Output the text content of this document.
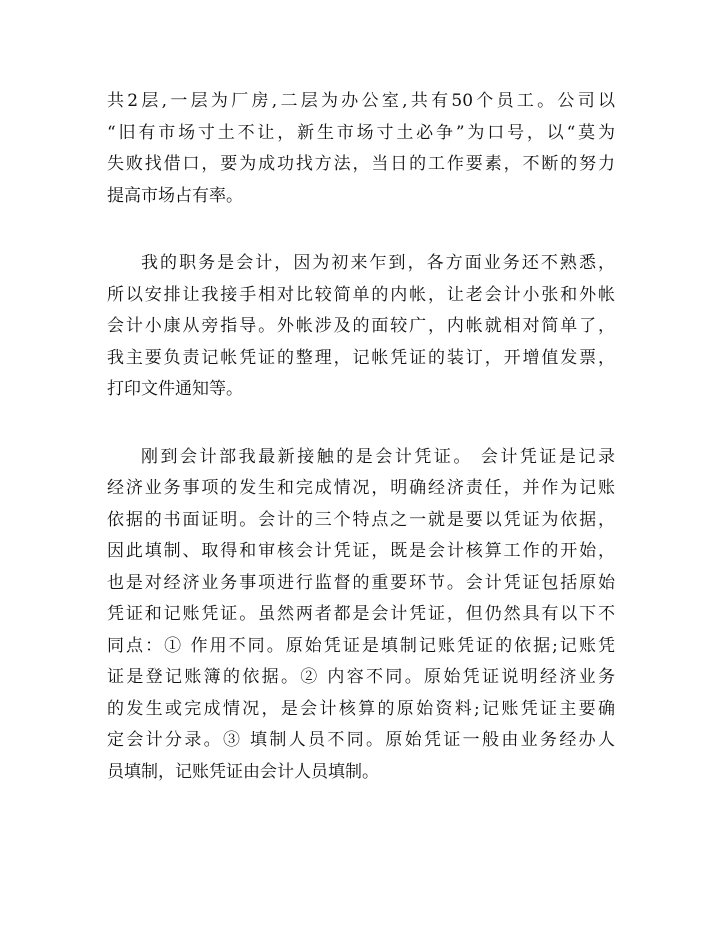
共2层,一层为厂房,二层为办公室,共有50个员工。公司以
“旧有市场寸土不让，新生市场寸土必争”为口号，以“莫为
失败找借口，要为成功找方法，当日的工作要素，不断的努力
提高市场占有率。
我的职务是会计，因为初来乍到，各方面业务还不熟悉，
所以安排让我接手相对比较简单的内帐，让老会计小张和外帐
会计小康从旁指导。外帐涉及的面较广，内帐就相对简单了，
我主要负责记帐凭证的整理，记帐凭证的装订，开增值发票，
打印文件通知等。
刚到会计部我最新接触的是会计凭证。 会计凭证是记录
经济业务事项的发生和完成情况，明确经济责任，并作为记账
依据的书面证明。会计的三个特点之一就是要以凭证为依据，
因此填制、取得和审核会计凭证，既是会计核算工作的开始，
也是对经济业务事项进行监督的重要环节。会计凭证包括原始
凭证和记账凭证。虽然两者都是会计凭证，但仍然具有以下不
同点：① 作用不同。原始凭证是填制记账凭证的依据;记账凭
证是登记账簿的依据。② 内容不同。原始凭证说明经济业务
的发生或完成情况，是会计核算的原始资料;记账凭证主要确
定会计分录。③ 填制人员不同。原始凭证一般由业务经办人
员填制，记账凭证由会计人员填制。
